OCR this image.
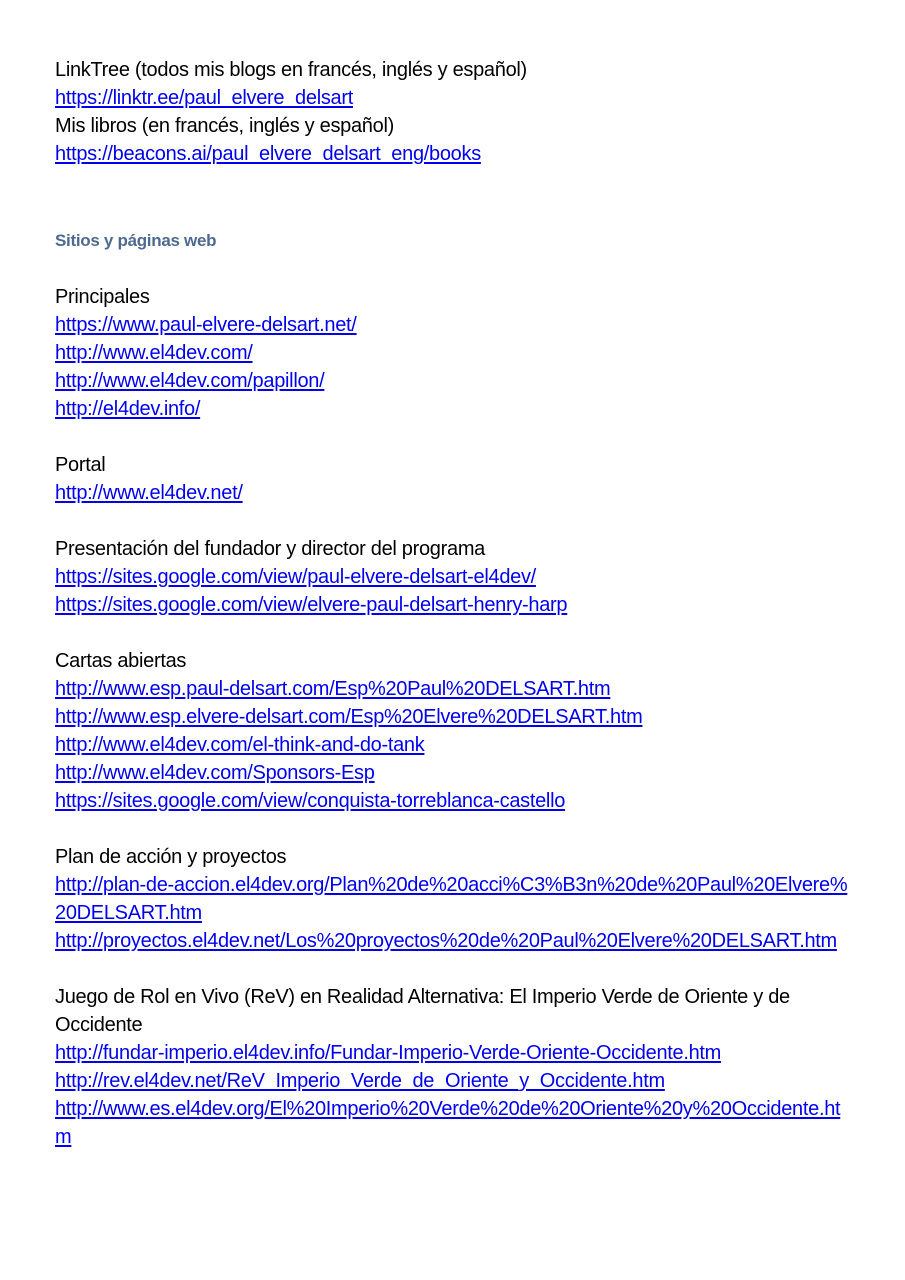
LinkTree (todos mis blogs en francés, inglés y español)
https://linktr.ee/paul_elvere_delsart
Mis libros (en francés, inglés y español)
https://beacons.ai/paul_elvere_delsart_eng/books
Sitios y páginas web
Principales
https://www.paul-elvere-delsart.net/
http://www.el4dev.com/
http://www.el4dev.com/papillon/
http://el4dev.info/
Portal
http://www.el4dev.net/
Presentación del fundador y director del programa
https://sites.google.com/view/paul-elvere-delsart-el4dev/
https://sites.google.com/view/elvere-paul-delsart-henry-harp
Cartas abiertas
http://www.esp.paul-delsart.com/Esp%20Paul%20DELSART.htm
http://www.esp.elvere-delsart.com/Esp%20Elvere%20DELSART.htm
http://www.el4dev.com/el-think-and-do-tank
http://www.el4dev.com/Sponsors-Esp
https://sites.google.com/view/conquista-torreblanca-castello
Plan de acción y proyectos
http://plan-de-accion.el4dev.org/Plan%20de%20acci%C3%B3n%20de%20Paul%20Elvere%20DELSART.htm
http://proyectos.el4dev.net/Los%20proyectos%20de%20Paul%20Elvere%20DELSART.htm
Juego de Rol en Vivo (ReV) en Realidad Alternativa: El Imperio Verde de Oriente y de Occidente
http://fundar-imperio.el4dev.info/Fundar-Imperio-Verde-Oriente-Occidente.htm
http://rev.el4dev.net/ReV_Imperio_Verde_de_Oriente_y_Occidente.htm
http://www.es.el4dev.org/El%20Imperio%20Verde%20de%20Oriente%20y%20Occidente.htm
